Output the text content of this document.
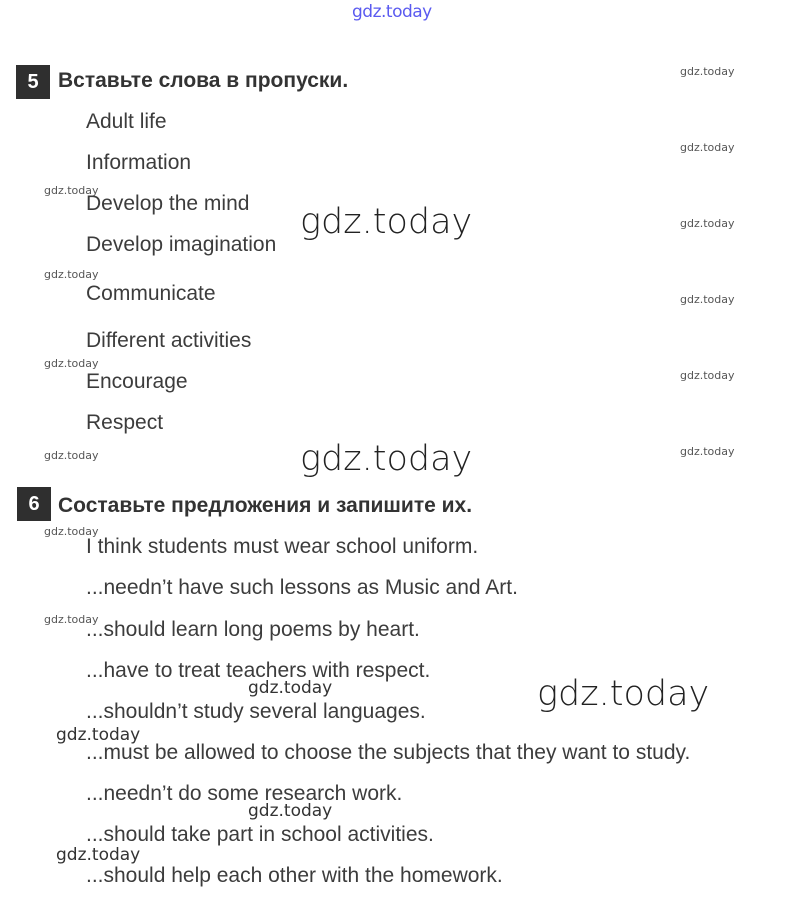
gdz.today
5 Вставьте слова в пропуски.
Adult life
Information
Develop the mind
Develop imagination
Communicate
Different activities
Encourage
Respect
6 Составьте предложения и запишите их.
I think students must wear school uniform.
...needn’t have such lessons as Music and Art.
...should learn long poems by heart.
...have to treat teachers with respect.
...shouldn’t study several languages.
...must be allowed to choose the subjects that they want to study.
...needn’t do some research work.
...should take part in school activities.
...should help each other with the homework.
gdz.today
gdz.today
gdz.today
gdz.today
gdz.today
gdz.today
gdz.today
gdz.today
gdz.today
gdz.today
gdz.today
gdz.today
gdz.today
gdz.today
gdz.today
gdz.today
gdz.today
gdz.today
gdz.today
